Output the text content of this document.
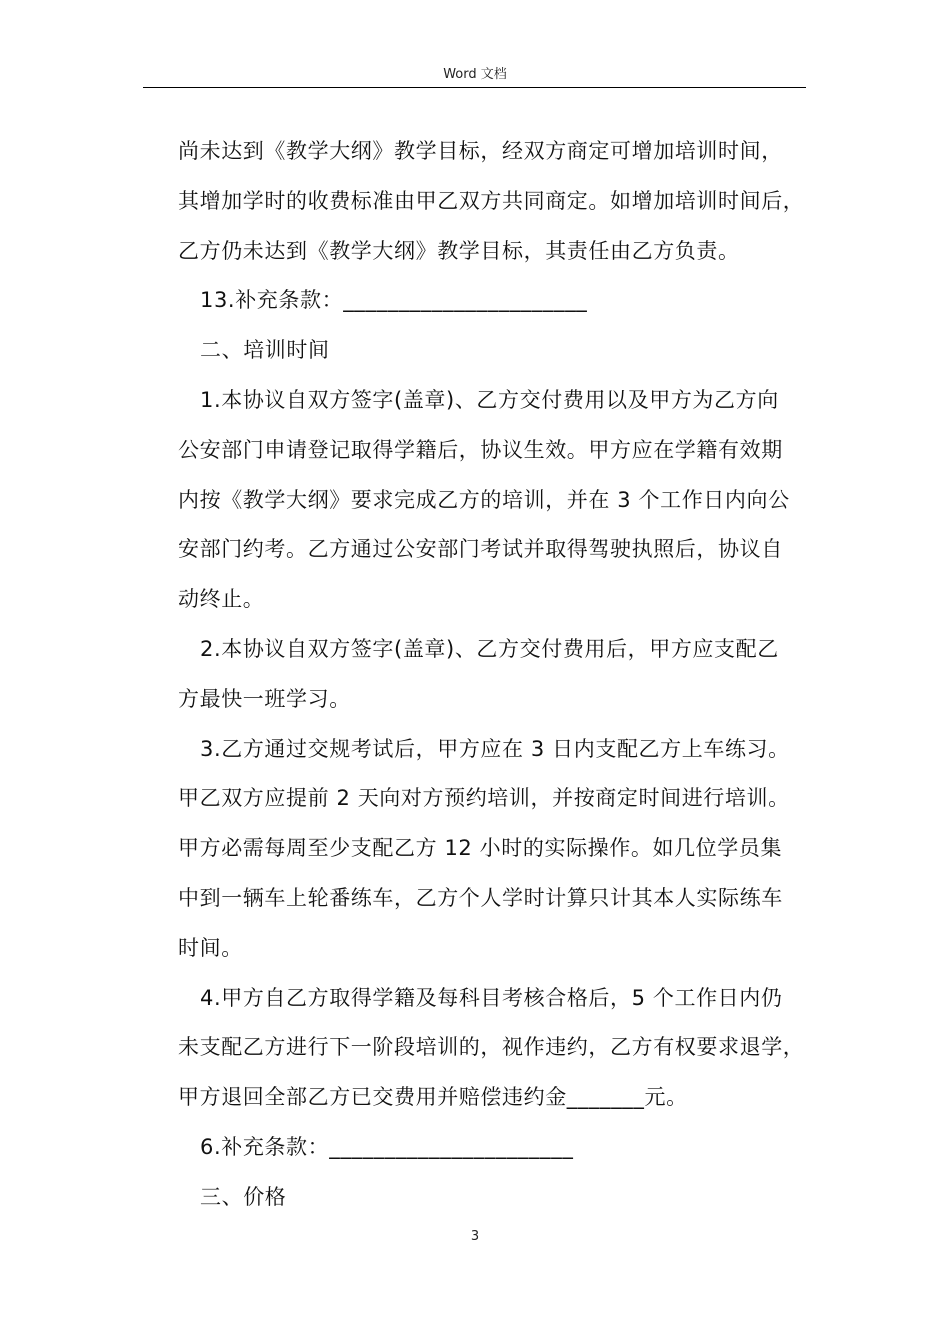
Word 文档
尚未达到《教学大纲》教学目标，经双方商定可增加培训时间，
其增加学时的收费标准由甲乙双方共同商定。如增加培训时间后，
乙方仍未达到《教学大纲》教学目标，其责任由乙方负责。
13.补充条款：______________________
二、培训时间
1.本协议自双方签字(盖章)、乙方交付费用以及甲方为乙方向
公安部门申请登记取得学籍后，协议生效。甲方应在学籍有效期
内按《教学大纲》要求完成乙方的培训，并在 3 个工作日内向公
安部门约考。乙方通过公安部门考试并取得驾驶执照后，协议自
动终止。
2.本协议自双方签字(盖章)、乙方交付费用后，甲方应支配乙
方最快一班学习。
3.乙方通过交规考试后，甲方应在 3 日内支配乙方上车练习。
甲乙双方应提前 2 天向对方预约培训，并按商定时间进行培训。
甲方必需每周至少支配乙方 12 小时的实际操作。如几位学员集
中到一辆车上轮番练车，乙方个人学时计算只计其本人实际练车
时间。
4.甲方自乙方取得学籍及每科目考核合格后，5 个工作日内仍
未支配乙方进行下一阶段培训的，视作违约，乙方有权要求退学，
甲方退回全部乙方已交费用并赔偿违约金_______元。
6.补充条款：______________________
三、价格
3
